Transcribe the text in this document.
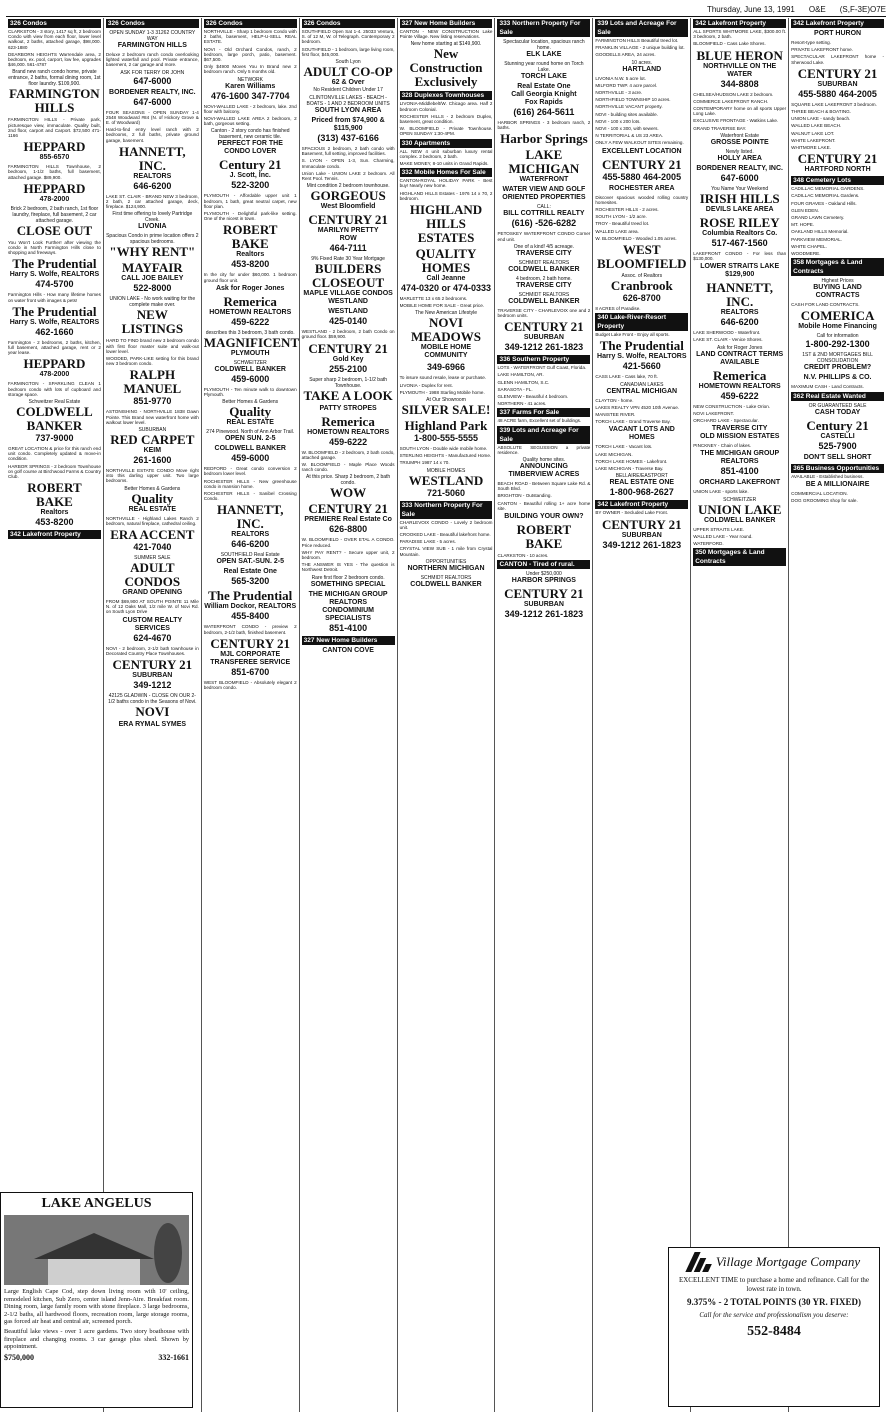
Thursday, June 13, 1991 O&E (S,F-3E)O7E
326 Condos
CLARKSTON - 3 story, 1417 sq ft, 2 bedroom Condo with view from each floor, lower level walkout, 2 baths, attached garage, $98,000. 623-1880
DEARBORN HEIGHTS Warrendale area, 2 bedroom, ex. pool, carport, low fee, upgrades $46,000. 561-4787
Brand new ranch condo home, private entrance, 2 baths, formal dining room, 1st floor laundry. $109,900.
FARMINGTON HILLS
FARMINGTON HILLS - Private park, picturesque view, immaculate. Quality built, 2nd floor, carport and Carport. $72,500 471-1166
HEPPARD
855-6570
FARMINGTON HILLS Townhouse, 2 bedroom, 1-1/2 baths, full basement, attached garage. $89,900.
HEPPARD
478-2000
Brick 2 bedroom, 2 bath ranch, 1st floor laundry, fireplace, full basement, 2 car attached garage.
CLOSE OUT
You Won't Look Further! after viewing the condo in North Farmington Hills close to shopping and freeways.
The Prudential
Harry S. Wolfe, REALTORS
474-5700
Farmington Hills - How many lifetime homes on water front with images & pets!
The Prudential
Harry S. Wolfe, REALTORS
462-1660
Farmington - 2 bedrooms, 2 baths, kitchen, full basement, attached garage, rent or 2 year lease.
HEPPARD
478-2000
FARMINGTON - SPARKLING CLEAN 1 bedroom condo with lots of cupboard and storage space.
Schweitzer Real Estate
COLDWELL BANKER
737-9000
GREAT LOCATION & price for this ranch end unit condo. Completely updated & move-in condition.
HARBOR SPRINGS - 2 bedroom Townhouse on golf course at Birchwood Farms & Country Club.
ROBERT BAKE
Realtors
453-8200
342 Lakefront Property
326 Condos
OPEN SUNDAY 1-3 31262 COUNTRY WAY
FARMINGTON HILLS
Deluxe 2 bedroom ranch condo overlooking lighted waterfall and pool. Private entrance, basement, 2 car garage and more.
ASK FOR TERRY OR JOHN
647-6000
BORDENER REALTY, INC.
647-6000
FOUR SEASONS - OPEN SUNDAY 1-4 2548 Woodward #84 (N. of Hickory Grove & E. of Woodward)
Hard-to-find entry level ranch with 2 bedrooms, 2 full baths, private ground garage, basement.
HANNETT, INC.
REALTORS
646-6200
LAKE ST. CLAIR - BRAND NEW 3 bedroom, 2 bath, 2 car attached garage, deck, fireplace. $124,900.
First time offering to lovely Partridge Creek.
LIVONIA
Spacious Condo in prime location offers 2 spacious bedrooms.
"WHY RENT"
MAYFAIR
CALL JOE BAILEY
522-8000
UNION LAKE - No work waiting for the complete make over.
NEW LISTINGS
HARD TO FIND brand new 3 bedroom condo with first floor master suite and walk-out lower level.
WOODED, PARK-LIKE setting for this brand new 3 bedroom condo.
RALPH MANUEL
851-9770
ASTONISHING - NORTHVILLE 1838 Dawn Pointe. This Brand new waterfront home with walkout lower level.
SUBURBAN
RED CARPET
KEIM
261-1600
NORTHVILLE ESTATE CONDO Move right into this darling upper unit. Two large bedrooms.
Better Homes & Gardens
Quality
REAL ESTATE
NORTHVILLE - Highland Lakes Ranch 2 bedroom, natural fireplace, cathedral ceiling.
ERA ACCENT
421-7040
SUMMER SALE
ADULT CONDOS
GRAND OPENING
FROM $69,900 AT SOUTH POINTE 11 Mile N. of 12 Oaks Mall, 1/2 mile W. of Novi Rd. on South Lyon Drive
CUSTOM REALTY SERVICES
624-4670
NOVI - 2 bedroom, 2-1/2 bath townhouse in Decorated Country Place Townhouses.
CENTURY 21
SUBURBAN
349-1212
42125 GLADWIN - CLOSE ON OUR 2-1/2 baths condo in the Seasons of Novi.
NOVI
ERA RYMAL SYMES
326 Condos
NORTHVILLE - Sharp 1 bedroom Condo with 2 baths, basement, HELP-U-SELL REAL ESTATE.
NOVI - Old Orchard Condos, ranch, 2 bedroom, large porch, patio, basement. $67,500.
Only $4900 Moves You In Brand new 2 bedroom ranch. Only 5 months old.
NETWORK
Karen Williams
476-1600 347-7704
NOVI-WALLED LAKE - 2 bedroom, lake. 2nd floor with balcony.
NOVI-WALLED LAKE AREA 2 bedroom, 2 bath, gorgeous setting.
Canton - 2 story condo has finished basement, new ceramic tile.
PERFECT FOR THE CONDO LOVER
Century 21
J. Scott, Inc.
522-3200
PLYMOUTH - Affordable upper unit 1 bedroom, 1 bath, great neutral carpet, new floor plan.
PLYMOUTH - Delightful park-like setting. One of the nicest in town.
ROBERT BAKE
Realtors
453-8200
In the city for under $60,000. 1 bedroom ground floor unit.
Ask for Roger Jones
Remerica
HOMETOWN REALTORS
459-6222
describes this 3 bedroom, 3 bath condo.
MAGNIFICENT
PLYMOUTH
SCHWEITZER
COLDWELL BANKER
459-6000
PLYMOUTH - Ten minute walk to downtown Plymouth.
Better Homes & Gardens
Quality
REAL ESTATE
274 Pinewood. North of Ann Arbor Trail.
OPEN SUN. 2-5
COLDWELL BANKER
459-6000
REDFORD - Great condo conversion 2 bedroom lower level.
ROCHESTER HILLS - New greenhouse condo in mansion home.
ROCHESTER HILLS - Sanibel Crossing Condo.
HANNETT, INC.
REALTORS
646-6200
SOUTHFIELD Real Estate
OPEN SAT.-SUN. 2-5
Real Estate One
565-3200
The Prudential
William Dockor, REALTORS
455-8400
WATERFRONT CONDO - preview 2 bedroom, 2-1/2 bath, finished basement.
CENTURY 21
MJL CORPORATE TRANSFEREE SERVICE
851-6700
WEST BLOOMFIELD - Absolutely elegant 2 bedroom condo.
326 Condos
SOUTHFIELD Open Sat 1-4. 25033 Ventura, S. of 12 M, W. of Telegraph. Contemporary 2 bedroom.
SOUTHFIELD - 1 bedroom, large living room, first floor, $45,000.
South Lyon
ADULT CO-OP
62 & Over
No Resident Children Under 17
CLINTONVILLE LAKES - BEACH - BOATS - 1 AND 2 BEDROOM UNITS
SOUTH LYON AREA
Priced from $74,900 & $115,900
(313) 437-6166
SPACIOUS 2 bedroom, 2 bath condo with Basement, full setting, improved facilities.
S. LYON - OPEN 1-3, Sun. Charming, Immaculate condo.
Union Lake - UNION LAKE 2 bedroom. All Rent Pool. Tennis.
Mint condition 2 bedroom townhouse.
GORGEOUS
West Bloomfield
CENTURY 21
MARILYN PRETTY
ROW
464-7111
9% Fixed Rate 30 Year Mortgage
BUILDERS CLOSEOUT
MAPLE VILLAGE CONDOS
WESTLAND
WESTLAND
425-0140
WESTLAND - 2 bedroom, 2 bath Condo on ground floor. $59,900.
CENTURY 21
Gold Key
255-2100
Super sharp 2 bedroom, 1-1/2 bath Townhouse.
TAKE A LOOK
PATTY STROPES
Remerica
HOMETOWN REALTORS
459-6222
W. BLOOMFIELD - 2 bedroom, 2 bath condo, attached garage.
W. BLOOMFIELD - Maple Place Woods ranch condo.
At this price. Sharp 2 bedroom, 2 bath condo.
WOW
CENTURY 21
PREMIERE Real Estate Co
626-8800
W. BLOOMFIELD - OVER ETAL A CONDO. Price reduced.
WHY PAY RENT? - Secure upper unit, 2 bedroom.
THE ANSWER IS YES - The question is Northwest Detroit.
Rare first floor 2 bedroom condo.
SOMETHING SPECIAL
THE MICHIGAN GROUP REALTORS
CONDOMINIUM SPECIALISTS
851-4100
327 New Home Builders
CANTON COVE
327 New Home Builders
CANTON - NEW CONSTRUCTION Lake Pointe Village. New listing reservations.
New home starting at $149,900.
New Construction
Exclusively
328 Duplexes Townhouses
LIVONIA-Middlebelt/W. Chicago area. Half 2 bedroom Colonial.
ROCHESTER HILLS - 2 bedroom Duplex, basement, great condition.
W. BLOOMFIELD - Private Townhouse. OPEN SUNDAY 1:30-4PM.
330 Apartments
ALL NEW 4 unit suburban luxury rental complex. 2 bedroom, 2 bath.
MAKE MONEY, 8-10 units in Grand Rapids.
332 Mobile Homes For Sale
CANTON-ROYAL HOLIDAY PARK - Best buy! Nearly new home.
HIGHLAND HILLS Estates - 1976 14 x 70, 2 bedroom.
HIGHLAND HILLS ESTATES
QUALITY HOMES
Call Jeanne
474-0320 or 474-0333
MARLETTE 13 x 65 2 bedrooms.
MOBILE HOME FOR SALE - Great price.
The New American Lifestyle
NOVI
MEADOWS
MOBILE HOME COMMUNITY
349-6966
To insure sound resale, lease or purchase.
LIVONIA - Duplex for rent.
PLYMOUTH - 1988 Starling Mobile home.
At Our Showroom
SILVER SALE!
Highland Park
1-800-555-5555
SOUTH LYON - Double wide mobile home.
STERLING HEIGHTS - Manufactured Home.
TRIUMPH 1987 14 x 70.
MOBILE HOMES
WESTLAND
721-5060
333 Northern Property For Sale
CHARLEVOIX CONDO - Lovely 2 bedroom unit.
CROOKED LAKE - Beautiful lakefront home.
PARADISE LAKE - 5 acres.
CRYSTAL VIEW SUB - 1 mile from Crystal Mountain.
OPPORTUNITIES
NORTHERN MICHIGAN
SCHMIDT REALTORS
COLDWELL BANKER
333 Northern Property For Sale
Spectacular location, spacious ranch home.
ELK LAKE
Stunning year round home on Torch Lake.
TORCH LAKE
Real Estate One
Call Georgia Knight
Fox Rapids
(616) 264-5611
HARBOR SPRINGS - 3 bedroom ranch, 2 baths.
Harbor Springs
LAKE MICHIGAN
WATERFRONT
WATER VIEW AND GOLF ORIENTED PROPERTIES
CALL:
BILL COTTRILL REALTY
(616) -526-6282
PETOSKEY WATERFRONT CONDO Corner end unit.
One of a kind! 4/5 acreage.
TRAVERSE CITY
SCHMIDT REALTORS
COLDWELL BANKER
4 bedroom, 2 bath home.
TRAVERSE CITY
SCHMIDT REALTORS
COLDWELL BANKER
TRAVERSE CITY - CHARLEVOIX one and 2 bedroom units.
CENTURY 21
SUBURBAN
349-1212 261-1823
336 Southern Property
LOTS - WATERFRONT Gulf Coast, Florida.
LAKE HAMILTON, AR.
GLENN HAMILTON, S.C.
SARASOTA - FL.
GLENVIEW - Beautiful 4 bedroom.
NORTHERN - 41 acres.
337 Farms For Sale
48 ACRE farm, Excellent set of buildings.
339 Lots and Acreage For Sale
ABSOLUTE SEGUSSION a private residence.
Quality home sites.
ANNOUNCING TIMBERVIEW ACRES
BEACH ROAD - Between Square Lake Rd. & South Blvd.
BRIGHTON - Outstanding.
CANTON - Beautiful rolling 1+ acre home site.
BUILDING YOUR OWN?
ROBERT BAKE
CLARKSTON - 10 acres.
CANTON - Tired of rural.
Under $250,000
HARBOR SPRINGS
CENTURY 21
SUBURBAN
349-1212 261-1823
339 Lots and Acreage For Sale
FARMINGTON HILLS Beautiful treed lot.
FRANKLIN VILLAGE - 2 unique building lot.
GOODELLS AREA, 24 acres.
10 acres.
HARTLAND
LIVONIA N.W. 5 acre lot.
MILFORD TWP. 4 acre parcel.
NORTHVILLE - 3 acre.
NORTHFIELD TOWNSHIP 10 acres.
NORTHVILLE VACANT property.
NOVI - building sites available.
NOVI - 100 x 200 lots.
NOVI - 100 x 300, with sewers.
N TERRITORIAL & US 23 AREA.
ONLY A FEW WALKOUT SITES remaining.
EXCELLENT LOCATION
CENTURY 21
455-5880 464-2005
ROCHESTER AREA
Discover spacious wooded rolling country homesites.
ROCHESTER HILLS - 2 acres.
SOUTH LYON - 1/2 acre.
TROY - Beautiful treed lot.
WALLED LAKE area.
W. BLOOMFIELD - Wooded 1.05 acres.
WEST BLOOMFIELD
Assoc. of Realtors
Cranbrook
626-8700
8 ACRES of Paradise.
340 Lake-River-Resort Property
Budget Lake Front - Enjoy all sports.
The Prudential
Harry S. Wolfe, REALTORS
421-5660
CASS LAKE - Cass lake, 70 ft.
CANADIAN LAKES
CENTRAL MICHIGAN
CLAYTON - home.
LAKES REALTY VPN 4520 10th Avenue.
MANISTEE RIVER.
TORCH LAKE - Grand Traverse Bay.
VACANT LOTS AND HOMES
TORCH LAKE - Vacant lots.
LAKE MICHIGAN.
TORCH LAKE HOMES - Lakefront.
LAKE MICHIGAN - Traverse Bay.
BELLAIRE/EASTPORT
REAL ESTATE ONE
1-800-968-2627
342 Lakefront Property
BY OWNER - Secluded Lake Front.
CENTURY 21
SUBURBAN
349-1212 261-1823
342 Lakefront Property
ALL SPORTS WHITMORE LAKE, $300.00 ft. 3 bedroom, 2 bath.
BLOOMFIELD - Cass Lake Shores.
BLUE HERON
NORTHVILLE ON THE WATER
344-8808
CHELSEA/HUDSON LAKE 2 bedroom.
COMMERCE LAKEFRONT RANCH.
CONTEMPORARY home on all sports Upper Long Lake.
EXCLUSIVE FRONTAGE - Watkins Lake.
GRAND TRAVERSE BAY.
Waterfront Estate
GROSSE POINTE
Newly listed.
HOLLY AREA
BORDENER REALTY, INC.
647-6000
You Name Your Weekend
IRISH HILLS
DEVILS LAKE AREA
ROSE RILEY
Columbia Realtors Co.
517-467-1560
LAKEFRONT CONDO - For less than $130,000.
LOWER STRAITS LAKE
$129,900
HANNETT, INC.
REALTORS
646-6200
LAKE SHERWOOD - Waterfront.
LAKE ST. CLAIR - Venice Shores.
Ask for Roger Jones
LAND CONTRACT TERMS AVAILABLE
Remerica
HOMETOWN REALTORS
459-6222
NEW CONSTRUCTION - Lake Orion.
NOVI LAKEFRONT.
ORCHARD LAKE - Spectacular.
TRAVERSE CITY
OLD MISSION ESTATES
PINCKNEY - Chain of lakes.
THE MICHIGAN GROUP REALTORS
851-4100
ORCHARD LAKEFRONT
UNION LAKE - sports lake.
SCHWEITZER
UNION LAKE
COLDWELL BANKER
UPPER STRAITS LAKE.
WALLED LAKE - Year round.
WATERFORD.
350 Mortgages & Land Contracts
342 Lakefront Property
PORT HURON
Resort-type setting.
PRIVATE LAKEFRONT home.
SPECTACULAR LAKEFRONT home - Sherwood Lake.
CENTURY 21
SUBURBAN
455-5880 464-2005
SQUARE LAKE LAKEFRONT 3 bedroom.
THREE BEACH & BOATING.
UNION LAKE - sandy beach.
WALLED LAKE BEACH.
WALNUT LAKE LOT.
WHITE LAKEFRONT.
WHITMORE LAKE.
CENTURY 21
HARTFORD NORTH
348 Cemetery Lots
CADILLAC MEMORIAL GARDENS.
CADILLAC MEMORIAL Gardens.
FOUR GRAVES - Oakland Hills.
GLEN EDEN.
GRAND LAWN Cemetery.
MT. HOPE.
OAKLAND HILLS Memorial.
PARKVIEW MEMORIAL.
WHITE CHAPEL.
WOODMERE.
358 Mortgages & Land Contracts
Highest Prices
BUYING LAND CONTRACTS
CASH FOR LAND CONTRACTS.
COMERICA
Mobile Home Financing
Call for information
1-800-292-1300
1ST & 2ND MORTGAGES BILL CONSOLIDATION
CREDIT PROBLEM?
N.V. PHILLIPS & CO.
MAXIMUM CASH - Land Contracts.
362 Real Estate Wanted
OR GUARANTEED SALE
CASH TODAY
Century 21
CASTELLI
525-7900
DON'T SELL SHORT
365 Business Opportunities
AVAILABLE - Established business.
BE A MILLIONAIRE
COMMERCIAL LOCATION.
DOG GROOMING shop for sale.
LAKE ANGELUS

Large English Cape Cod, step down living room with 10' ceiling, remodeled kitchen, Sub Zero, center island Jenn-Aire. Breakfast room. Dining room, large family room with stone fireplace. 3 large bedrooms, 2-1/2 baths, all hardwood floors, recreation room, large storage rooms, gas forced air heat and central air, screened porch.

Beautiful lake views - over 1 acre gardens. Two story boathouse with fireplace and changing rooms. 3 car garage plus shed. Shown by appointment.

$750,000	332-1661
Village Mortgage Company

EXCELLENT TIME to purchase a home and refinance. Call for the lowest rate in town.

9.375% - 2 TOTAL POINTS (30 YR. FIXED)

Call for the service and professionalism you deserve:

552-8484
